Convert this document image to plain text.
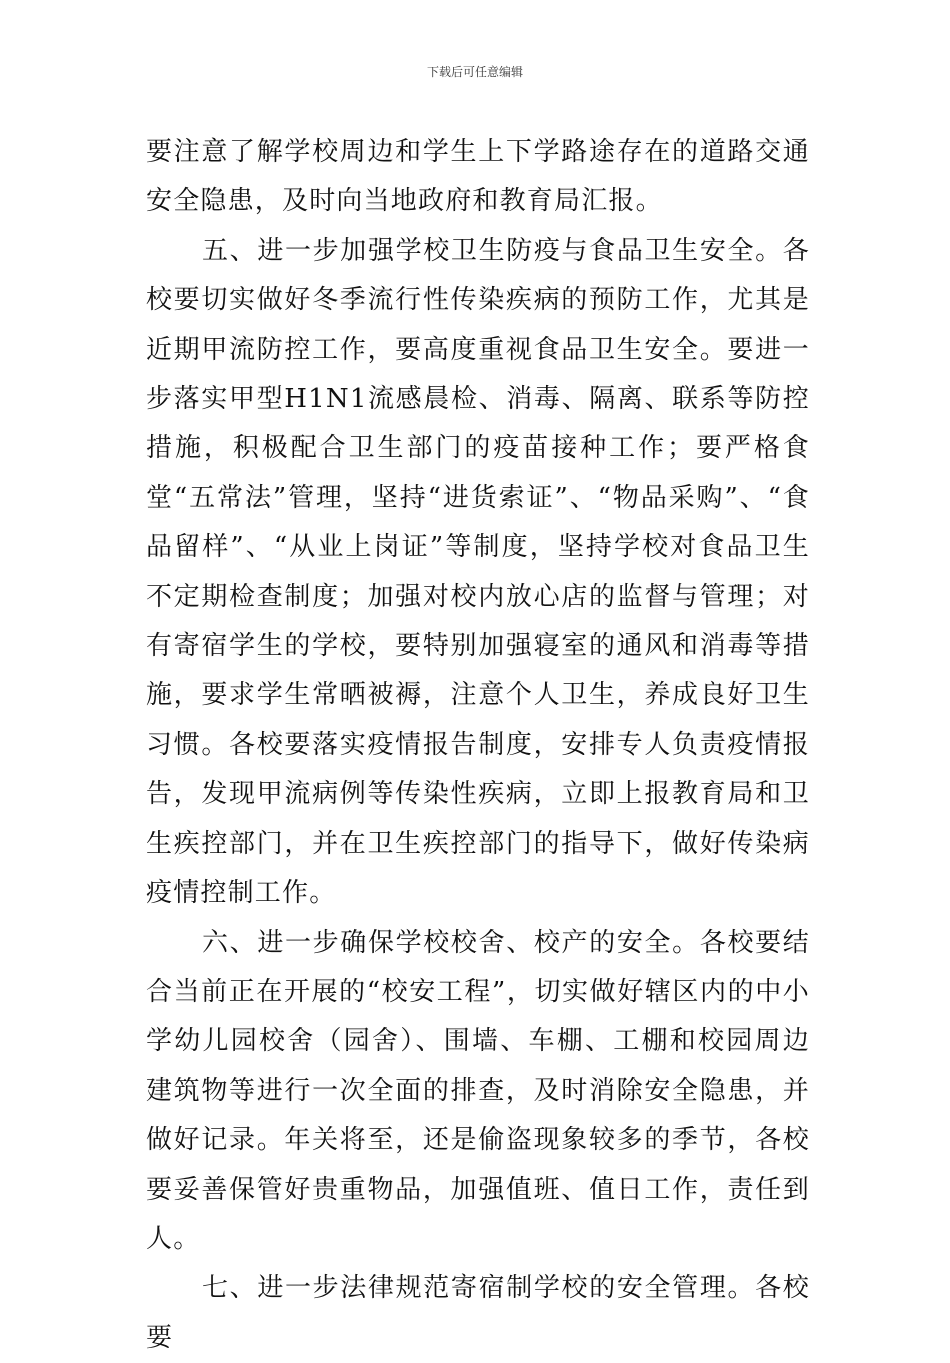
下载后可任意编辑

要注意了解学校周边和学生上下学路途存在的道路交通安全隐患，及时向当地政府和教育局汇报。

五、进一步加强学校卫生防疫与食品卫生安全。各校要切实做好冬季流行性传染疾病的预防工作，尤其是近期甲流防控工作，要高度重视食品卫生安全。要进一步落实甲型H1N1流感晨检、消毒、隔离、联系等防控措施，积极配合卫生部门的疫苗接种工作；要严格食堂“五常法”管理，坚持“进货索证”、“物品采购”、“食品留样”、“从业上岗证”等制度，坚持学校对食品卫生不定期检查制度；加强对校内放心店的监督与管理；对有寄宿学生的学校，要特别加强寝室的通风和消毒等措施，要求学生常晒被褥，注意个人卫生，养成良好卫生习惯。各校要落实疫情报告制度，安排专人负责疫情报告，发现甲流病例等传染性疾病，立即上报教育局和卫生疾控部门，并在卫生疾控部门的指导下，做好传染病疫情控制工作。

六、进一步确保学校校舍、校产的安全。各校要结合当前正在开展的“校安工程”，切实做好辖区内的中小学幼儿园校舍（园舍）、围墙、车棚、工棚和校园周边建筑物等进行一次全面的排查，及时消除安全隐患，并做好记录。年关将至，还是偷盗现象较多的季节，各校要妥善保管好贵重物品，加强值班、值日工作，责任到人。

七、进一步法律规范寄宿制学校的安全管理。各校要
